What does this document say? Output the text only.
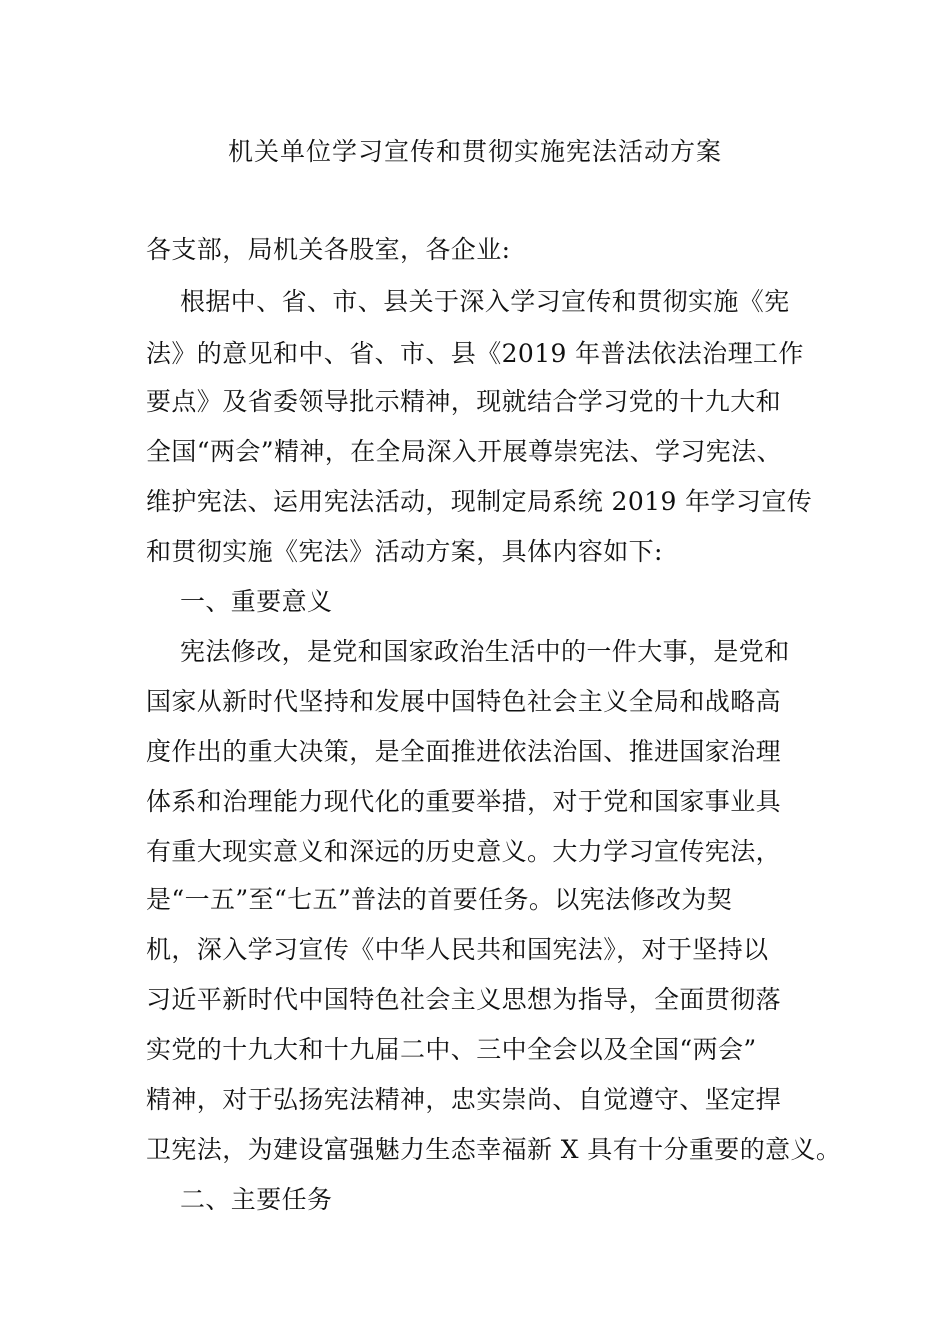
机关单位学习宣传和贯彻实施宪法活动方案

各支部，局机关各股室，各企业:

根据中、省、市、县关于深入学习宣传和贯彻实施《宪

法》的意见和中、省、市、县《2019 年普法依法治理工作

要点》及省委领导批示精神，现就结合学习党的十九大和

全国“两会”精神，在全局深入开展尊崇宪法、学习宪法、

维护宪法、运用宪法活动，现制定局系统 2019 年学习宣传

和贯彻实施《宪法》活动方案，具体内容如下:

一、重要意义

宪法修改，是党和国家政治生活中的一件大事，是党和

国家从新时代坚持和发展中国特色社会主义全局和战略高

度作出的重大决策，是全面推进依法治国、推进国家治理

体系和治理能力现代化的重要举措，对于党和国家事业具

有重大现实意义和深远的历史意义。大力学习宣传宪法，

是“一五”至“七五”普法的首要任务。以宪法修改为契

机，深入学习宣传《中华人民共和国宪法》，对于坚持以

习近平新时代中国特色社会主义思想为指导，全面贯彻落

实党的十九大和十九届二中、三中全会以及全国“两会”

精神，对于弘扬宪法精神，忠实崇尚、自觉遵守、坚定捍

卫宪法，为建设富强魅力生态幸福新 X 具有十分重要的意义。

二、主要任务
